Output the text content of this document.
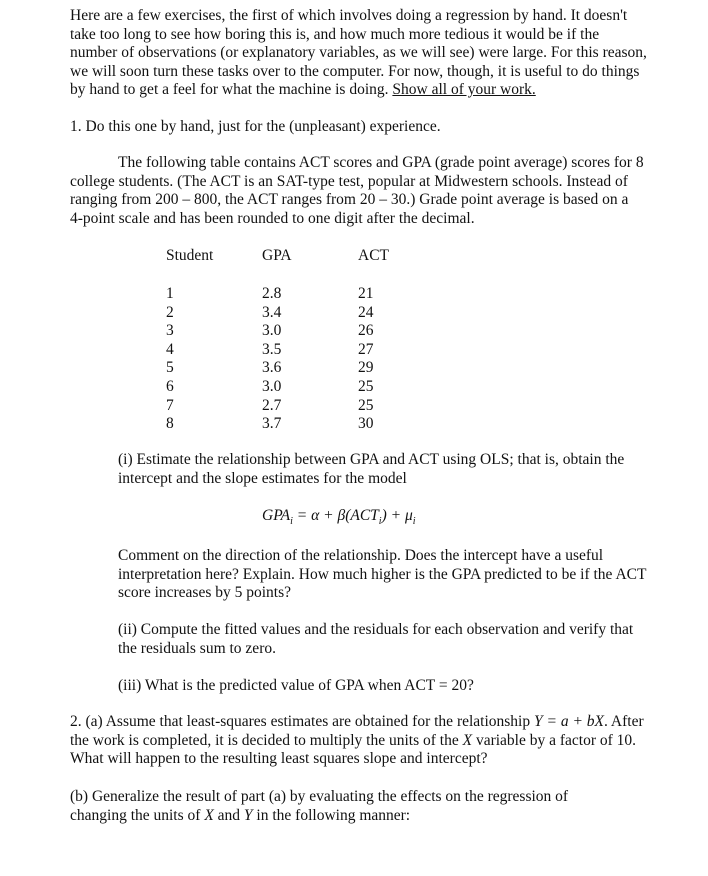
Here are a few exercises, the first of which involves doing a regression by hand. It doesn't take too long to see how boring this is, and how much more tedious it would be if the number of observations (or explanatory variables, as we will see) were large. For this reason, we will soon turn these tasks over to the computer. For now, though, it is useful to do things by hand to get a feel for what the machine is doing. Show all of your work.

1. Do this one by hand, just for the (unpleasant) experience.

The following table contains ACT scores and GPA (grade point average) scores for 8 college students. (The ACT is an SAT-type test, popular at Midwestern schools. Instead of ranging from 200 – 800, the ACT ranges from 20 – 30.) Grade point average is based on a 4-point scale and has been rounded to one digit after the decimal.

Student	GPA	ACT
1
2
3
4
5
6
7
8
2.8
3.4
3.0
3.5
3.6
3.0
2.7
3.7
21
24
26
27
29
25
25
30

(i) Estimate the relationship between GPA and ACT using OLS; that is, obtain the intercept and the slope estimates for the model

$GPA_i = \alpha + \beta(ACT_i) + \mu_i$

Comment on the direction of the relationship. Does the intercept have a useful interpretation here? Explain. How much higher is the GPA predicted to be if the ACT score increases by 5 points?

(ii) Compute the fitted values and the residuals for each observation and verify that the residuals sum to zero.

(iii) What is the predicted value of GPA when ACT = 20?

2. (a) Assume that least-squares estimates are obtained for the relationship Y = a + bX. After the work is completed, it is decided to multiply the units of the X variable by a factor of 10. What will happen to the resulting least squares slope and intercept?

(b) Generalize the result of part (a) by evaluating the effects on the regression of changing the units of X and Y in the following manner:
